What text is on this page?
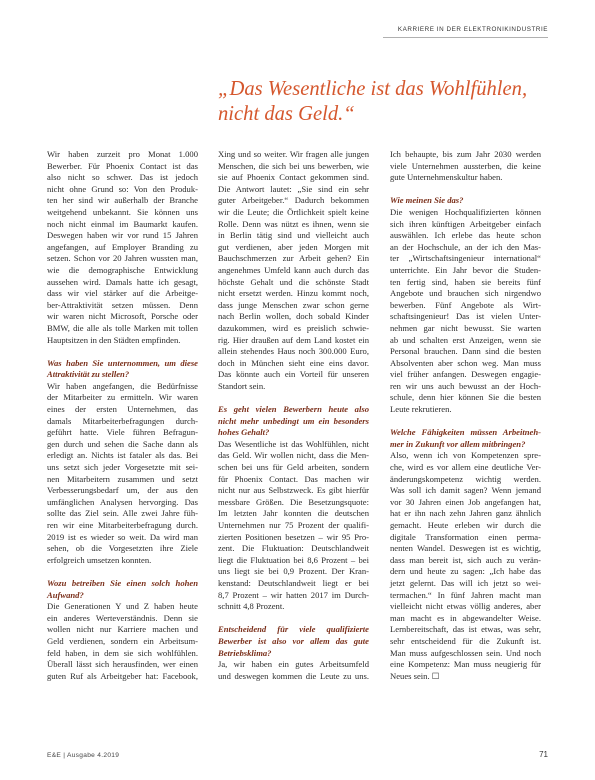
KARRIERE IN DER ELEKTRONIKINDUSTRIE
„Das Wesentliche ist das Wohlfühlen,
nicht das Geld.“
Wir haben zurzeit pro Monat 1.000
Bewerber. Für Phoenix Contact ist das
also nicht so schwer. Das ist jedoch
nicht ohne Grund so: Von den Produk-
ten her sind wir außerhalb der Branche
weitgehend unbekannt. Sie können uns
noch nicht einmal im Baumarkt kaufen.
Deswegen haben wir vor rund 15 Jahren
angefangen, auf Employer Branding zu
setzen. Schon vor 20 Jahren wussten man,
wie die demographische Entwicklung
aussehen wird. Damals hatte ich gesagt,
dass wir viel stärker auf die Arbeitge-
ber-Attraktivität setzen müssen. Denn
wir waren nicht Microsoft, Porsche oder
BMW, die alle als tolle Marken mit tollen
Hauptsitzen in den Städten empfinden.
Was haben Sie unternommen, um diese
Attraktivität zu stellen?
Wir haben angefangen, die Bedürfnisse
der Mitarbeiter zu ermitteln. Wir waren
eines der ersten Unternehmen, das
damals Mitarbeiterbefragungen durch-
geführt hatte. Viele führen Befragun-
gen durch und sehen die Sache dann als
erledigt an. Nichts ist fataler als das. Bei
uns setzt sich jeder Vorgesetzte mit sei-
nen Mitarbeitern zusammen und setzt
Verbesserungsbedarf um, der aus den
umfänglichen Analysen hervorging. Das
sollte das Ziel sein. Alle zwei Jahre füh-
ren wir eine Mitarbeiterbefragung durch.
2019 ist es wieder so weit. Da wird man
sehen, ob die Vorgesetzten ihre Ziele
erfolgreich umsetzen konnten.
Wozu betreiben Sie einen solch hohen
Aufwand?
Die Generationen Y und Z haben heute
ein anderes Werteverständnis. Denn sie
wollen nicht nur Karriere machen und
Geld verdienen, sondern ein Arbeitsum-
feld haben, in dem sie sich wohlfühlen.
Überall lässt sich herausfinden, wer einen
guten Ruf als Arbeitgeber hat: Facebook,
Xing und so weiter. Wir fragen alle jungen
Menschen, die sich bei uns bewerben, wie
sie auf Phoenix Contact gekommen sind.
Die Antwort lautet: „Sie sind ein sehr
guter Arbeitgeber.“ Dadurch bekommen
wir die Leute; die Örtlichkeit spielt keine
Rolle. Denn was nützt es ihnen, wenn sie
in Berlin tätig sind und vielleicht auch
gut verdienen, aber jeden Morgen mit
Bauchschmerzen zur Arbeit gehen? Ein
angenehmes Umfeld kann auch durch das
höchste Gehalt und die schönste Stadt
nicht ersetzt werden. Hinzu kommt noch,
dass junge Menschen zwar schon gerne
nach Berlin wollen, doch sobald Kinder
dazukommen, wird es preislich schwie-
rig. Hier draußen auf dem Land kostet ein
allein stehendes Haus noch 300.000 Euro,
doch in München sieht eine eins davor.
Das könnte auch ein Vorteil für unseren
Standort sein.
Es geht vielen Bewerbern heute also
nicht mehr unbedingt um ein besonders
hohes Gehalt?
Das Wesentliche ist das Wohlfühlen, nicht
das Geld. Wir wollen nicht, dass die Men-
schen bei uns für Geld arbeiten, sondern
für Phoenix Contact. Das machen wir
nicht nur aus Selbstzweck. Es gibt hierfür
messbare Größen. Die Besetzungsquote:
Im letzten Jahr konnten die deutschen
Unternehmen nur 75 Prozent der qualifi-
zierten Positionen besetzen – wir 95 Pro-
zent. Die Fluktuation: Deutschlandweit
liegt die Fluktuation bei 8,6 Prozent – bei
uns liegt sie bei 0,9 Prozent. Der Kran-
kenstand: Deutschlandweit liegt er bei
8,7 Prozent – wir hatten 2017 im Durch-
schnitt 4,8 Prozent.
Entscheidend für viele qualifizierte
Bewerber ist also vor allem das gute
Betriebsklima?
Ja, wir haben ein gutes Arbeitsumfeld
und deswegen kommen die Leute zu uns.
Ich behaupte, bis zum Jahr 2030 werden
viele Unternehmen aussterben, die keine
gute Unternehmenskultur haben.
Wie meinen Sie das?
Die wenigen Hochqualifizierten können
sich ihren künftigen Arbeitgeber einfach
auswählen. Ich erlebe das heute schon
an der Hochschule, an der ich den Mas-
ter „Wirtschaftsingenieur international“
unterrichte. Ein Jahr bevor die Studen-
ten fertig sind, haben sie bereits fünf
Angebote und brauchen sich nirgendwo
bewerben. Fünf Angebote als Wirt-
schaftsingenieur! Das ist vielen Unter-
nehmen gar nicht bewusst. Sie warten
ab und schalten erst Anzeigen, wenn sie
Personal brauchen. Dann sind die besten
Absolventen aber schon weg. Man muss
viel früher anfangen. Deswegen engagie-
ren wir uns auch bewusst an der Hoch-
schule, denn hier können Sie die besten
Leute rekrutieren.
Welche Fähigkeiten müssen Arbeitneh-
mer in Zukunft vor allem mitbringen?
Also, wenn ich von Kompetenzen spre-
che, wird es vor allem eine deutliche Ver-
änderungskompetenz wichtig werden.
Was soll ich damit sagen? Wenn jemand
vor 30 Jahren einen Job angefangen hat,
hat er ihn nach zehn Jahren ganz ähnlich
gemacht. Heute erleben wir durch die
digitale Transformation einen perma-
nenten Wandel. Deswegen ist es wichtig,
dass man bereit ist, sich auch zu verän-
dern und heute zu sagen: „Ich habe das
jetzt gelernt. Das will ich jetzt so wei-
termachen.“ In fünf Jahren macht man
vielleicht nicht etwas völlig anderes, aber
man macht es in abgewandelter Weise.
Lernbereitschaft, das ist etwas, was sehr,
sehr entscheidend für die Zukunft ist.
Man muss aufgeschlossen sein. Und noch
eine Kompetenz: Man muss neugierig für
Neues sein. ☐
E&E | Ausgabe 4.2019	71
